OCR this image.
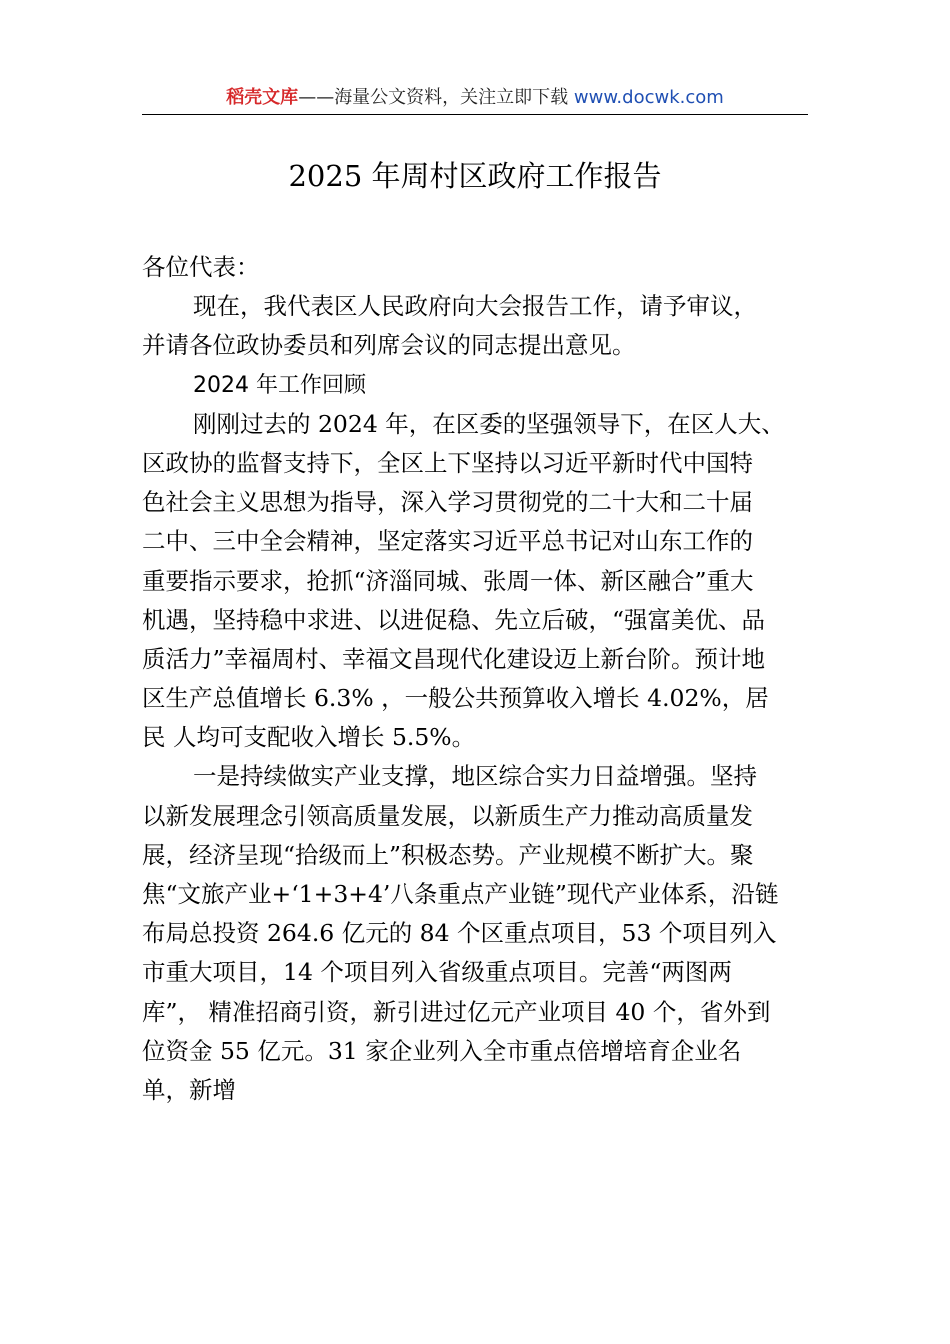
稻壳文库——海量公文资料，关注立即下载 www.docwk.com
2025 年周村区政府工作报告
各位代表：
现在，我代表区人民政府向大会报告工作，请予审议，
并请各位政协委员和列席会议的同志提出意见。
2024 年工作回顾
刚刚过去的 2024 年，在区委的坚强领导下，在区人大、
区政协的监督支持下，全区上下坚持以习近平新时代中国特
色社会主义思想为指导，深入学习贯彻党的二十大和二十届
二中、三中全会精神，坚定落实习近平总书记对山东工作的
重要指示要求，抢抓“济淄同城、张周一体、新区融合”重大
机遇，坚持稳中求进、以进促稳、先立后破，“强富美优、品
质活力”幸福周村、幸福文昌现代化建设迈上新台阶。预计地
区生产总值增长 6.3% ，一般公共预算收入增长 4.02%，居
民 人均可支配收入增长 5.5%。
一是持续做实产业支撑，地区综合实力日益增强。坚持
以新发展理念引领高质量发展，以新质生产力推动高质量发
展，经济呈现“拾级而上”积极态势。产业规模不断扩大。聚
焦“文旅产业+‘1+3+4’八条重点产业链”现代产业体系，沿链
布局总投资 264.6 亿元的 84 个区重点项目，53 个项目列入
市重大项目，14 个项目列入省级重点项目。完善“两图两
库”， 精准招商引资，新引进过亿元产业项目 40 个，省外到
位资金 55 亿元。31 家企业列入全市重点倍增培育企业名
单，新增
